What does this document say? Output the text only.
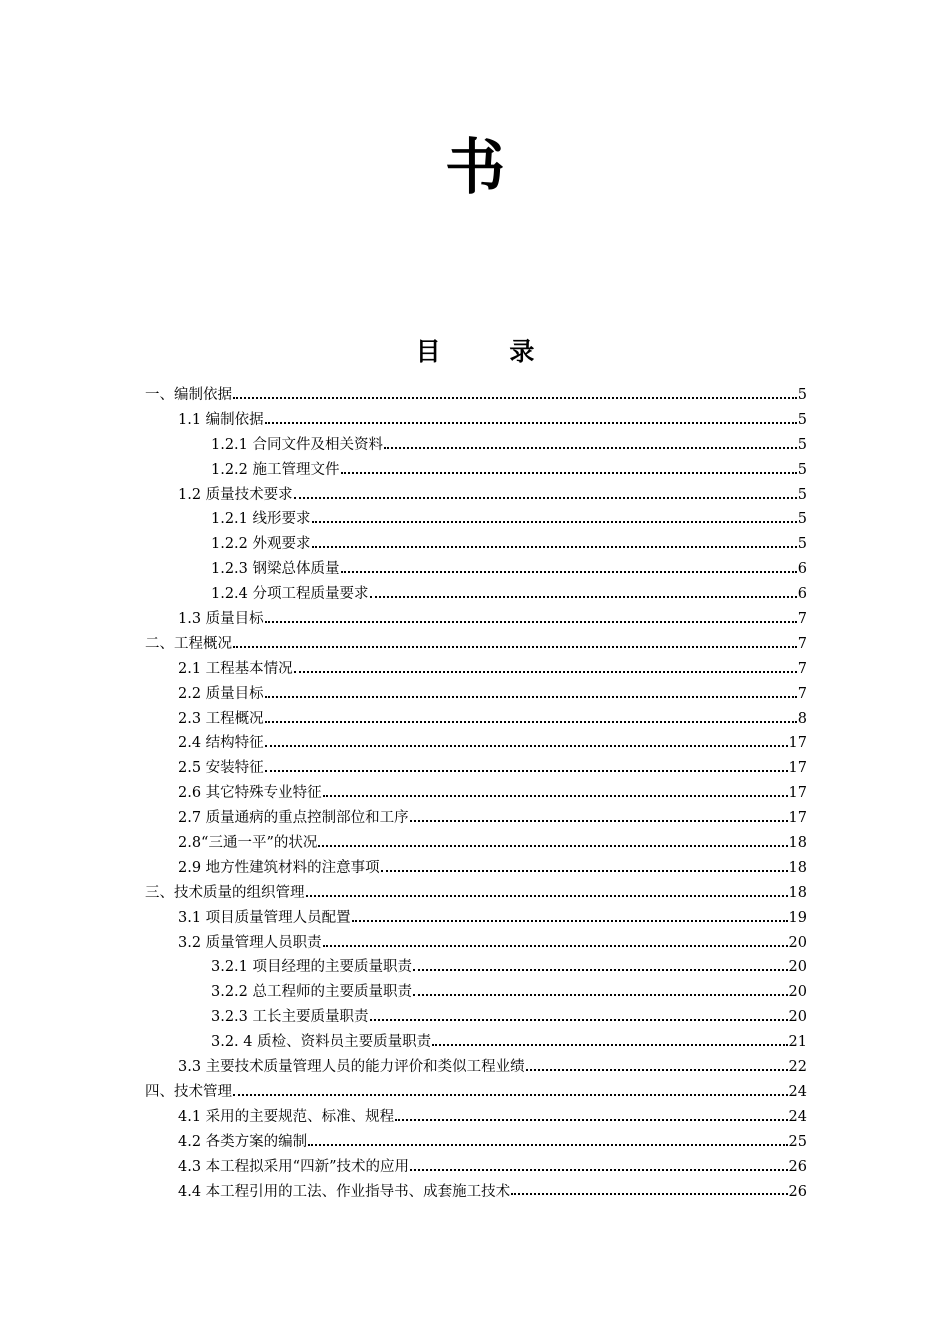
书
目 录
一、编制依据	5
1.1 编制依据	5
1.2.1 合同文件及相关资料	5
1.2.2 施工管理文件	5
1.2 质量技术要求	5
1.2.1 线形要求	5
1.2.2 外观要求	5
1.2.3 钢梁总体质量	6
1.2.4 分项工程质量要求	6
1.3 质量目标	7
二、工程概况	7
2.1 工程基本情况	7
2.2 质量目标	7
2.3 工程概况	8
2.4 结构特征	17
2.5 安装特征	17
2.6 其它特殊专业特征	17
2.7 质量通病的重点控制部位和工序	17
2.8“三通一平”的状况	18
2.9 地方性建筑材料的注意事项	18
三、技术质量的组织管理	18
3.1 项目质量管理人员配置	19
3.2 质量管理人员职责	20
3.2.1 项目经理的主要质量职责	20
3.2.2 总工程师的主要质量职责	20
3.2.3 工长主要质量职责	20
3.2. 4 质检、资料员主要质量职责	21
3.3 主要技术质量管理人员的能力评价和类似工程业绩	22
四、技术管理	24
4.1 采用的主要规范、标准、规程	24
4.2 各类方案的编制	25
4.3 本工程拟采用“四新”技术的应用	26
4.4 本工程引用的工法、作业指导书、成套施工技术	26
